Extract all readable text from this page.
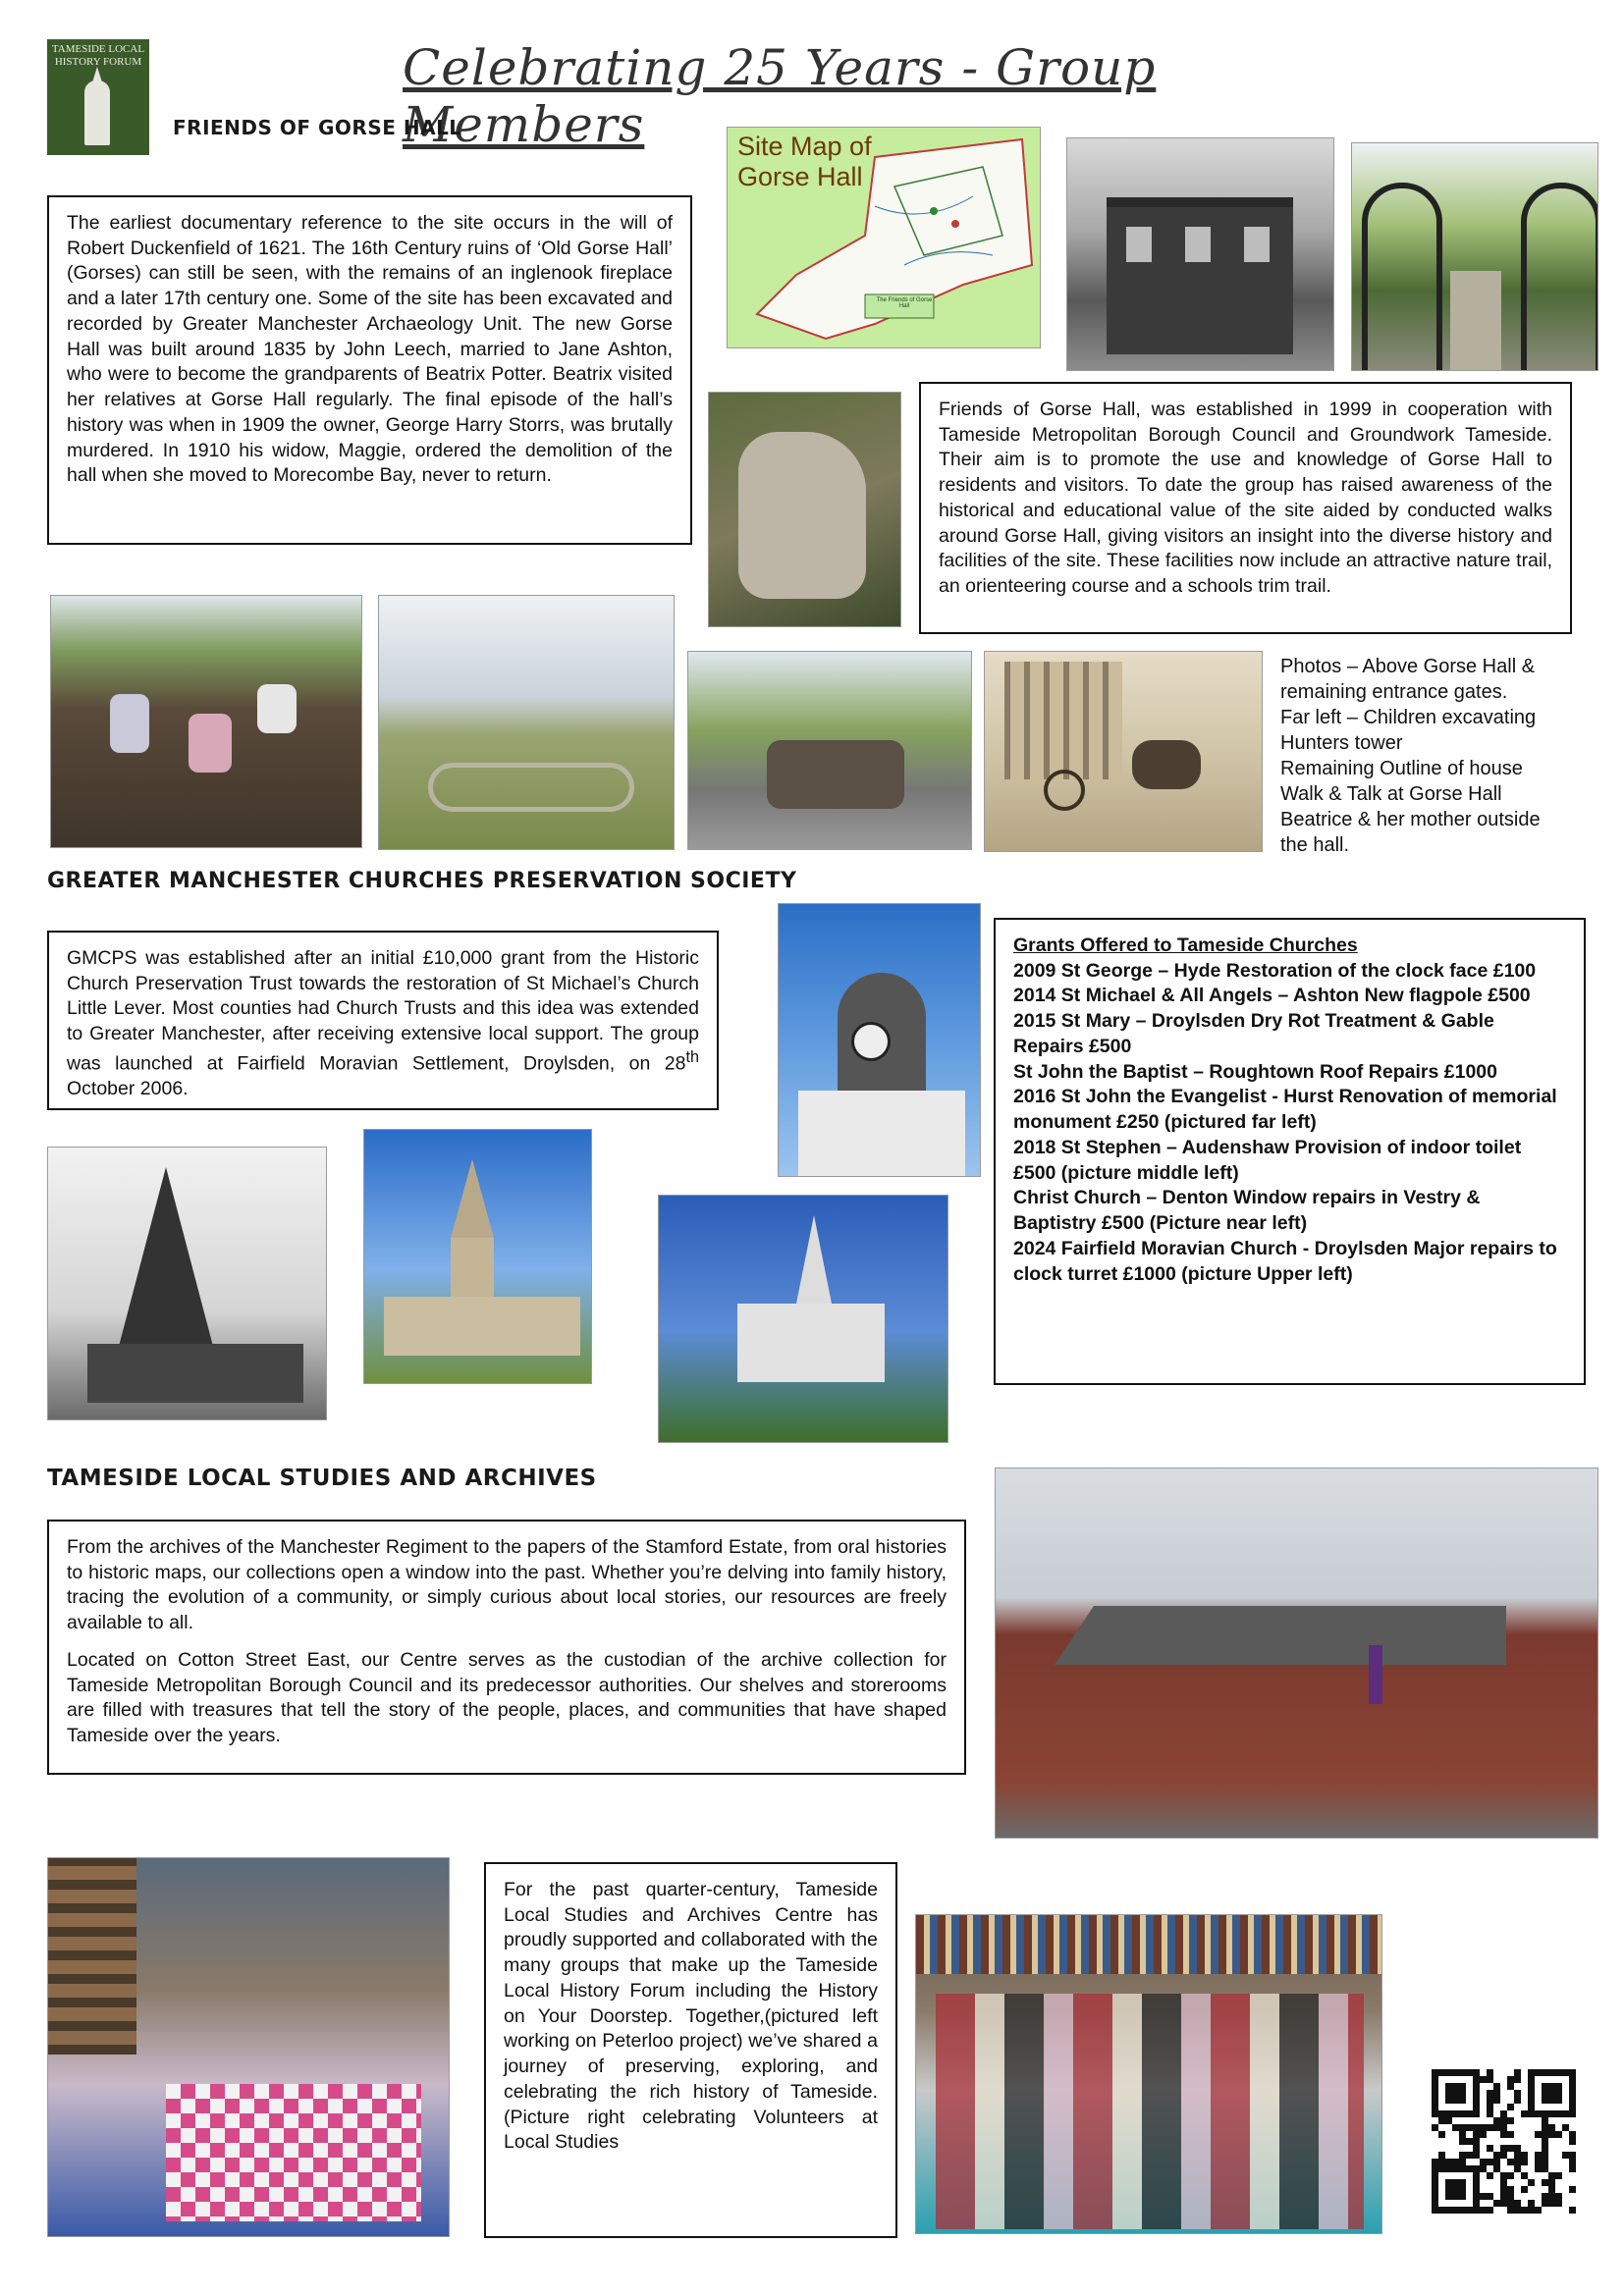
TAMESIDE LOCAL
HISTORY FORUM	Celebrating 25 Years - Group Members
FRIENDS OF GORSE HALL

The earliest documentary reference to the site occurs in the will of Robert Duckenfield of 1621. The 16th Century ruins of ‘Old Gorse Hall’ (Gorses) can still be seen, with the remains of an inglenook fireplace and a later 17th century one. Some of the site has been excavated and recorded by Greater Manchester Archaeology Unit. The new Gorse Hall was built around 1835 by John Leech, married to Jane Ashton, who were to become the grandparents of Beatrix Potter. Beatrix visited her relatives at Gorse Hall regularly. The final episode of the hall’s history was when in 1909 the owner, George Harry Storrs, was brutally murdered. In 1910 his widow, Maggie, ordered the demolition of the hall when she moved to Morecombe Bay, never to return.

Site Map of
Gorse Hall
The Friends of Gorse Hall

Friends of Gorse Hall, was established in 1999 in cooperation with Tameside Metropolitan Borough Council and Groundwork Tameside. Their aim is to promote the use and knowledge of Gorse Hall to residents and visitors. To date the group has raised awareness of the historical and educational value of the site aided by conducted walks around Gorse Hall, giving visitors an insight into the diverse history and facilities of the site. These facilities now include an attractive nature trail, an orienteering course and a schools trim trail.

Photos – Above Gorse Hall &
remaining entrance gates.
Far left – Children excavating
Hunters tower
Remaining Outline of house
Walk & Talk at Gorse Hall
Beatrice & her mother outside
the hall.
GREATER MANCHESTER CHURCHES PRESERVATION SOCIETY

GMCPS was established after an initial £10,000 grant from the Historic Church Preservation Trust towards the restoration of St Michael’s Church Little Lever. Most counties had Church Trusts and this idea was extended to Greater Manchester, after receiving extensive local support. The group was launched at Fairfield Moravian Settlement, Droylsden, on 28th October 2006.

Grants Offered to Tameside Churches
2009 St George – Hyde Restoration of the clock face £100
2014 St Michael & All Angels – Ashton New flagpole £500
2015 St Mary – Droylsden Dry Rot Treatment & Gable Repairs £500
St John the Baptist – Roughtown Roof Repairs £1000
2016 St John the Evangelist - Hurst Renovation of memorial monument £250 (pictured far left)
2018 St Stephen – Audenshaw Provision of indoor toilet £500 (picture middle left)
Christ Church – Denton Window repairs in Vestry & Baptistry £500 (Picture near left)
2024 Fairfield Moravian Church - Droylsden Major repairs to clock turret £1000 (picture Upper left)
TAMESIDE LOCAL STUDIES AND ARCHIVES

From the archives of the Manchester Regiment to the papers of the Stamford Estate, from oral histories to historic maps, our collections open a window into the past. Whether you’re delving into family history, tracing the evolution of a community, or simply curious about local stories, our resources are freely available to all.

Located on Cotton Street East, our Centre serves as the custodian of the archive collection for Tameside Metropolitan Borough Council and its predecessor authorities. Our shelves and storerooms are filled with treasures that tell the story of the people, places, and communities that have shaped Tameside over the years.

For the past quarter-century, Tameside Local Studies and Archives Centre has proudly supported and collaborated with the many groups that make up the Tameside Local History Forum including the History on Your Doorstep. Together,(pictured left working on Peterloo project) we’ve shared a journey of preserving, exploring, and celebrating the rich history of Tameside. (Picture right celebrating Volunteers at Local Studies
